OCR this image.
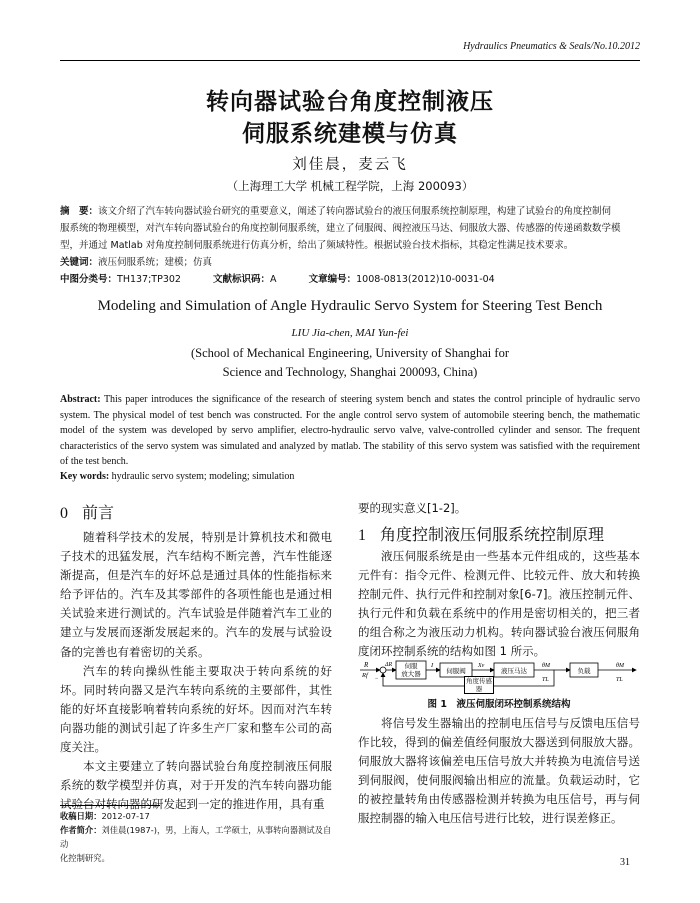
Hydraulics Pneumatics & Seals/No.10.2012
转向器试验台角度控制液压
伺服系统建模与仿真
刘佳晨，麦云飞
（上海理工大学 机械工程学院，上海 200093）
摘　要：该文介绍了汽车转向器试验台研究的重要意义，阐述了转向器试验台的液压伺服系统控制原理，构建了试验台的角度控制伺
服系统的物理模型，对汽车转向器试验台的角度控制伺服系统，建立了伺服阀、阀控液压马达、伺服放大器、传感器的传递函数数学模
型，并通过 Matlab 对角度控制伺服系统进行仿真分析，给出了频域特性。根据试验台技术指标，其稳定性满足技术要求。
关键词：液压伺服系统；建模；仿真
中图分类号：TH137;TP302	文献标识码：A	文章编号：1008-0813(2012)10-0031-04
Modeling and Simulation of Angle Hydraulic Servo System for Steering Test Bench
LIU Jia-chen, MAI Yun-fei
(School of Mechanical Engineering, University of Shanghai for
Science and Technology, Shanghai 200093, China)
Abstract: This paper introduces the significance of the research of steering system bench and states the control principle of hydraulic servo system. The physical model of test bench was constructed. For the angle control servo system of automobile steering bench, the mathematic model of the system was developed by servo amplifier, electro-hydraulic servo valve, valve-controlled cylinder and sensor. The frequent characteristics of the servo system was simulated and analyzed by matlab. The stability of this servo system was satisfied with the requirement of the test bench.
Key words: hydraulic servo system; modeling; simulation
0 前言

随着科学技术的发展，特别是计算机技术和微电子技术的迅猛发展，汽车结构不断完善，汽车性能逐渐提高，但是汽车的好坏总是通过具体的性能指标来给予评估的。汽车及其零部件的各项性能也是通过相关试验来进行测试的。汽车试验是伴随着汽车工业的建立与发展而逐渐发展起来的。汽车的发展与试验设备的完善也有着密切的关系。

汽车的转向操纵性能主要取决于转向系统的好坏。同时转向器又是汽车转向系统的主要部件，其性能的好坏直接影响着转向系统的好坏。因而对汽车转向器功能的测试引起了许多生产厂家和整车公司的高度关注。

本文主要建立了转向器试验台角度控制液压伺服系统的数学模型并仿真，对于开发的汽车转向器功能试验台对转向器的研发起到一定的推进作用，具有重

收稿日期：2012-07-17
作者简介：刘佳晨(1987-)，男，上海人，工学硕士，从事转向器测试及自动
化控制研究。
要的现实意义[1-2]。
1 角度控制液压伺服系统控制原理

液压伺服系统是由一些基本元件组成的，这些基本元件有：指令元件、检测元件、比较元件、放大和转换控制元件、执行元件和控制对象[6-7]。液压控制元件、执行元件和负载在系统中的作用是密切相关的，把三者的组合称之为液压动力机构。转向器试验台液压伺服角度闭环控制系统的结构如图 1 所示。

R
Rf
ΔR 伺服
放大器
I
伺服阀
Xv
液压马达
θM
TL
负载
θM
TL
−	角度传感器
图 1　液压伺服闭环控制系统结构

将信号发生器输出的控制电压信号与反馈电压信号作比较，得到的偏差值经伺服放大器送到伺服放大器。伺服放大器将该偏差电压信号放大并转换为电流信号送到伺服阀，使伺服阀输出相应的流量。负载运动时，它的被控量转角由传感器检测并转换为电压信号，再与伺服控制器的输入电压信号进行比较，进行误差修正。

31
